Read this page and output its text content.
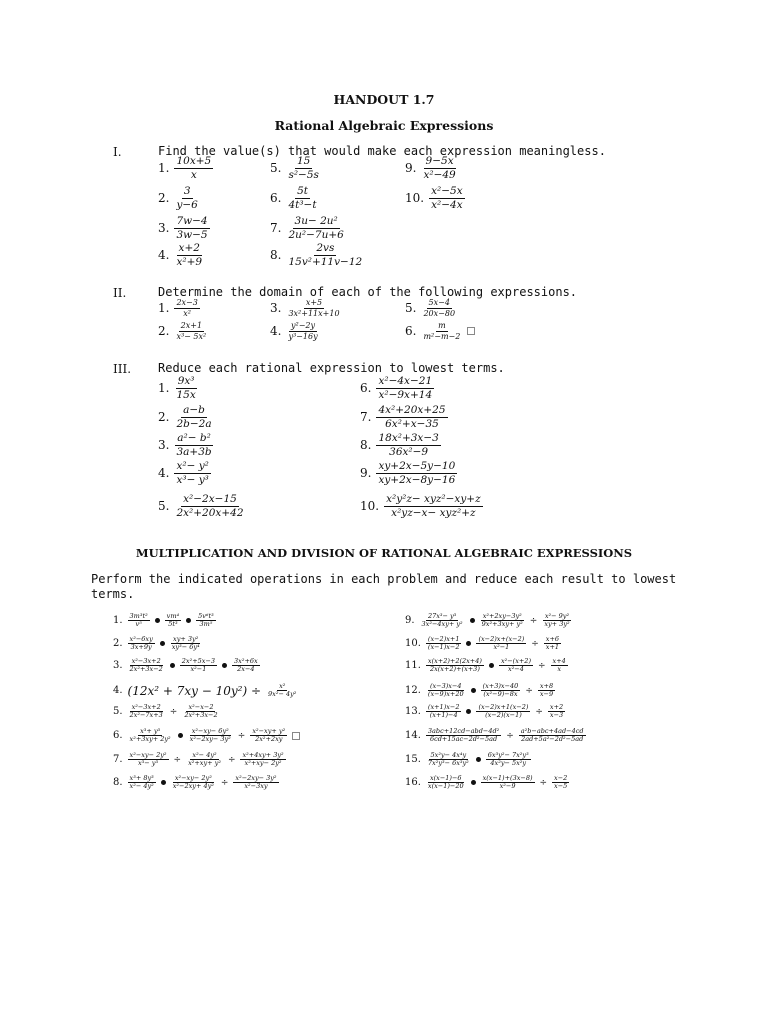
HANDOUT 1.7
Rational Algebraic Expressions
I.	Find the value(s) that would make each expression meaningless.
1. $\frac{10x+5}{x}$
2. $\frac{3}{y-6}$
3. $\frac{7w-4}{3w-5}$
4. $\frac{x+2}{\text{x²+9}}$
5. $\frac{15}{\text{s²−5s}}$
6. $\frac{5t}{\text{4t³−t}}$
7. $\frac{\text{3u− 2u²}}{\text{2u²−7u+6}}$
8. $\frac{2vs}{\text{15v²+11v−12}}$
9. $\frac{9-5x}{\text{x²−49}}$
10. $\frac{\text{x²−5x}}{\text{x²−4x}}$
II.	Determine the domain of each of the following expressions.
1. $\frac{2x-3}{\text{x²}}$
2. $\frac{2x+1}{\text{x³− 5x²}}$
3. $\frac{x+5}{\text{3x²+11x+10}}$
4. $\frac{\text{y²−2y}}{\text{y³−16y}}$
5. $\frac{5x-4}{20x-80}$
6. $\frac{m}{\text{m²−m−2}}$
III. Reduce each rational expression to lowest terms.
1. $\frac{\text{9x³}}{15x}$
2. $\frac{a-b}{2b-2a}$
3. $\frac{\text{a²− b²}}{3a+3b}$
4. $\frac{\text{x²− y²}}{\text{x³− y³}}$
5. $\frac{\text{x²−2x−15}}{\text{2x²+20x+42}}$
6. $\frac{\text{x²−4x−21}}{\text{x²−9x+14}}$
7. $\frac{\text{4x²+20x+25}}{\text{6x²+x−35}}$
8. $\frac{\text{18x²+3x−3}}{\text{36x²−9}}$
9. $\frac{xy+2x-5y-10}{xy+2x-8y-16}$
10. $\frac{\text{x²y²z− xyz²−xy+z}}{\text{x²yz−x− xyz²+z}}$
MULTIPLICATION AND DIVISION OF RATIONAL ALGEBRAIC EXPRESSIONS
Perform the indicated operations in each problem and reduce each result to lowest
terms.
1. $\frac{\text{3m³t²}}{\text{v⁵}} \frac{\text{vm⁴}}{\text{5t³}} \frac{\text{5v⁶t³}}{\text{3m⁵}}$
2. $\frac{\text{x²−6xy}}{3x+9y} \frac{\text{xy+ 3y²}}{\text{xy³− 6y⁴}}$
3. $\frac{\text{x²−3x+2}}{\text{2x²+3x−2}} \frac{\text{2x²+5x−3}}{\text{x²−1}} \frac{\text{3x²+6x}}{2x-4}$
4. $(12x^2 + 7xy - 10y^2) \div \frac{\text{x²}}{\text{9x²− 4y²}}$
5. $\frac{\text{x²−3x+2}}{\text{2x²−7x+3}} \div \frac{\text{x²−x−2}}{\text{2x²+3x−2}}$
6. $\frac{\text{x³+ y³}}{\text{x²+3xy+ 2y²}} \frac{\text{x²−xy− 6y²}}{\text{x²−2xy− 3y²}} \div \frac{\text{x²−xy+ y²}}{\text{2x²+2xy}}$
7. $\frac{\text{x²−xy− 2y²}}{\text{x³− y³}} \div \frac{\text{x²− 4y²}}{\text{x²+xy+ y²}} \div \frac{\text{x²+4xy+ 3y²}}{\text{x²+xy− 2y²}}$
8. $\frac{\text{x³+ 8y³}}{\text{x²− 4y²}} \frac{\text{x²−xy− 2y²}}{\text{x²−2xy+ 4y²}} \div \frac{\text{x²−2xy− 3y²}}{\text{x²−3xy}}$
9. $\frac{\text{27x³− y³}}{\text{3x²−4xy+ y²}} \frac{\text{x²+2xy−3y²}}{\text{9x²+3xy+ y²}} \div \frac{\text{x²− 9y²}}{\text{xy+ 3y²}}$
10. $\frac{(x-2)x+1}{(x-1)x-2} \frac{(x-2)x+(x-2)}{\text{x²−1}} \div \frac{x+6}{x+1}$
11. $\frac{x(x+2)+2(2x+4)}{2x(x+2)+(x+3)} \frac{\text{x²−(x+2)}}{\text{x²−4}} \div \frac{x+4}{x}$
12. $\frac{(x-3)x-4}{(x-9)x+20} \frac{(x+3)x-40}{\text{(x²−9)−8x}} \div \frac{x+8}{x-9}$
13. $\frac{(x+1)x-2}{(x+1)-4} \frac{(x-2)x+1(x-2)}{(x-2)(x-1)} \div \frac{x+2}{x-3}$
14. $\frac{\text{3abc+12cd−abd−4d²}}{\text{6cd+15ac−2d²−5ad}} \div \frac{\text{a²b−abc+4ad−4cd}}{\text{2ad+5a²−2d²−5ad}}$
15. $\frac{\text{5x²y− 4x⁴y}}{\text{7x²y³− 6x³y²}} \frac{\text{6x³y²− 7x²y³}}{\text{4x²y− 5x²y}}$
16. $\frac{x(x-1)-6}{x(x-1)-20} \frac{x(x-1)+(3x-8)}{\text{x²−9}} \div \frac{x-2}{x-5}$
